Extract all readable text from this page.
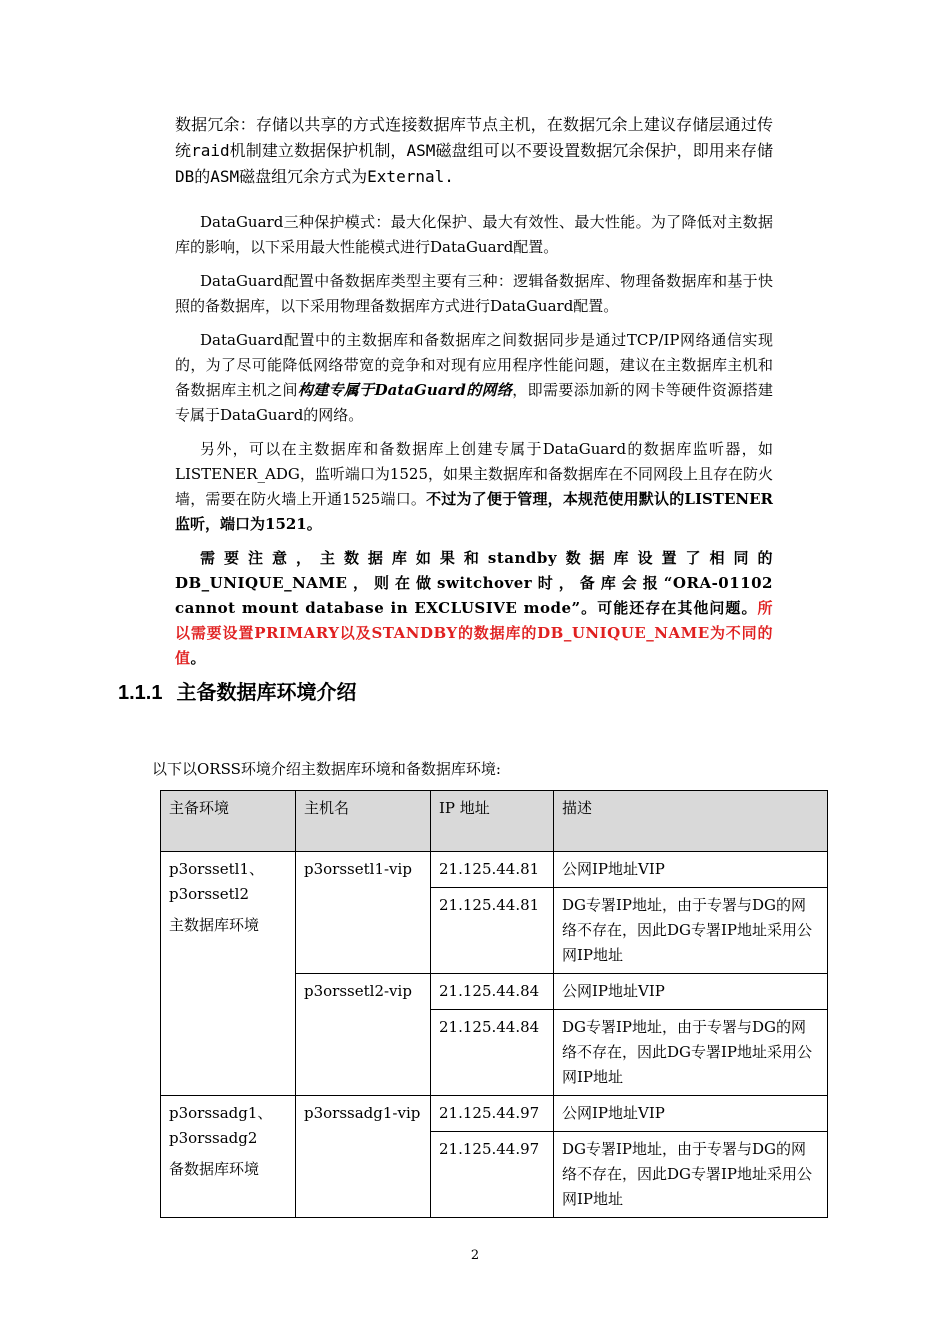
数据冗余：存储以共享的方式连接数据库节点主机，在数据冗余上建议存储层通过传统raid机制建立数据保护机制，ASM磁盘组可以不要设置数据冗余保护，即用来存储DB的ASM磁盘组冗余方式为External.

DataGuard三种保护模式：最大化保护、最大有效性、最大性能。为了降低对主数据库的影响，以下采用最大性能模式进行DataGuard配置。

DataGuard配置中备数据库类型主要有三种：逻辑备数据库、物理备数据库和基于快照的备数据库，以下采用物理备数据库方式进行DataGuard配置。

DataGuard配置中的主数据库和备数据库之间数据同步是通过TCP/IP网络通信实现的，为了尽可能降低网络带宽的竞争和对现有应用程序性能问题，建议在主数据库主机和备数据库主机之间构建专属于DataGuard的网络，即需要添加新的网卡等硬件资源搭建专属于DataGuard的网络。

另外，可以在主数据库和备数据库上创建专属于DataGuard的数据库监听器，如LISTENER_ADG，监听端口为1525，如果主数据库和备数据库在不同网段上且存在防火墙，需要在防火墙上开通1525端口。不过为了便于管理，本规范使用默认的LISTENER监听，端口为1521。

需要注意，主数据库如果和standby数据库设置了相同的DB_UNIQUE_NAME，则在做switchover时，备库会报“ORA-01102 cannot mount database in EXCLUSIVE mode”。可能还存在其他问题。所以需要设置PRIMARY以及STANDBY的数据库的DB_UNIQUE_NAME为不同的值。

1.1.1 主备数据库环境介绍
以下以ORSS环境介绍主数据库环境和备数据库环境:
主备环境	主机名	IP 地址	描述

p3orssetl1、p3orssetl2
主数据库环境	p3orssetl1-vip	21.125.44.81	公网IP地址VIP
		21.125.44.81	DG专署IP地址，由于专署与DG的网络不存在，因此DG专署IP地址采用公网IP地址
	p3orssetl2-vip	21.125.44.84	公网IP地址VIP
		21.125.44.84	DG专署IP地址，由于专署与DG的网络不存在，因此DG专署IP地址采用公网IP地址

p3orssadg1、p3orssadg2
备数据库环境	p3orssadg1-vip	21.125.44.97	公网IP地址VIP
		21.125.44.97	DG专署IP地址，由于专署与DG的网络不存在，因此DG专署IP地址采用公网IP地址
2
